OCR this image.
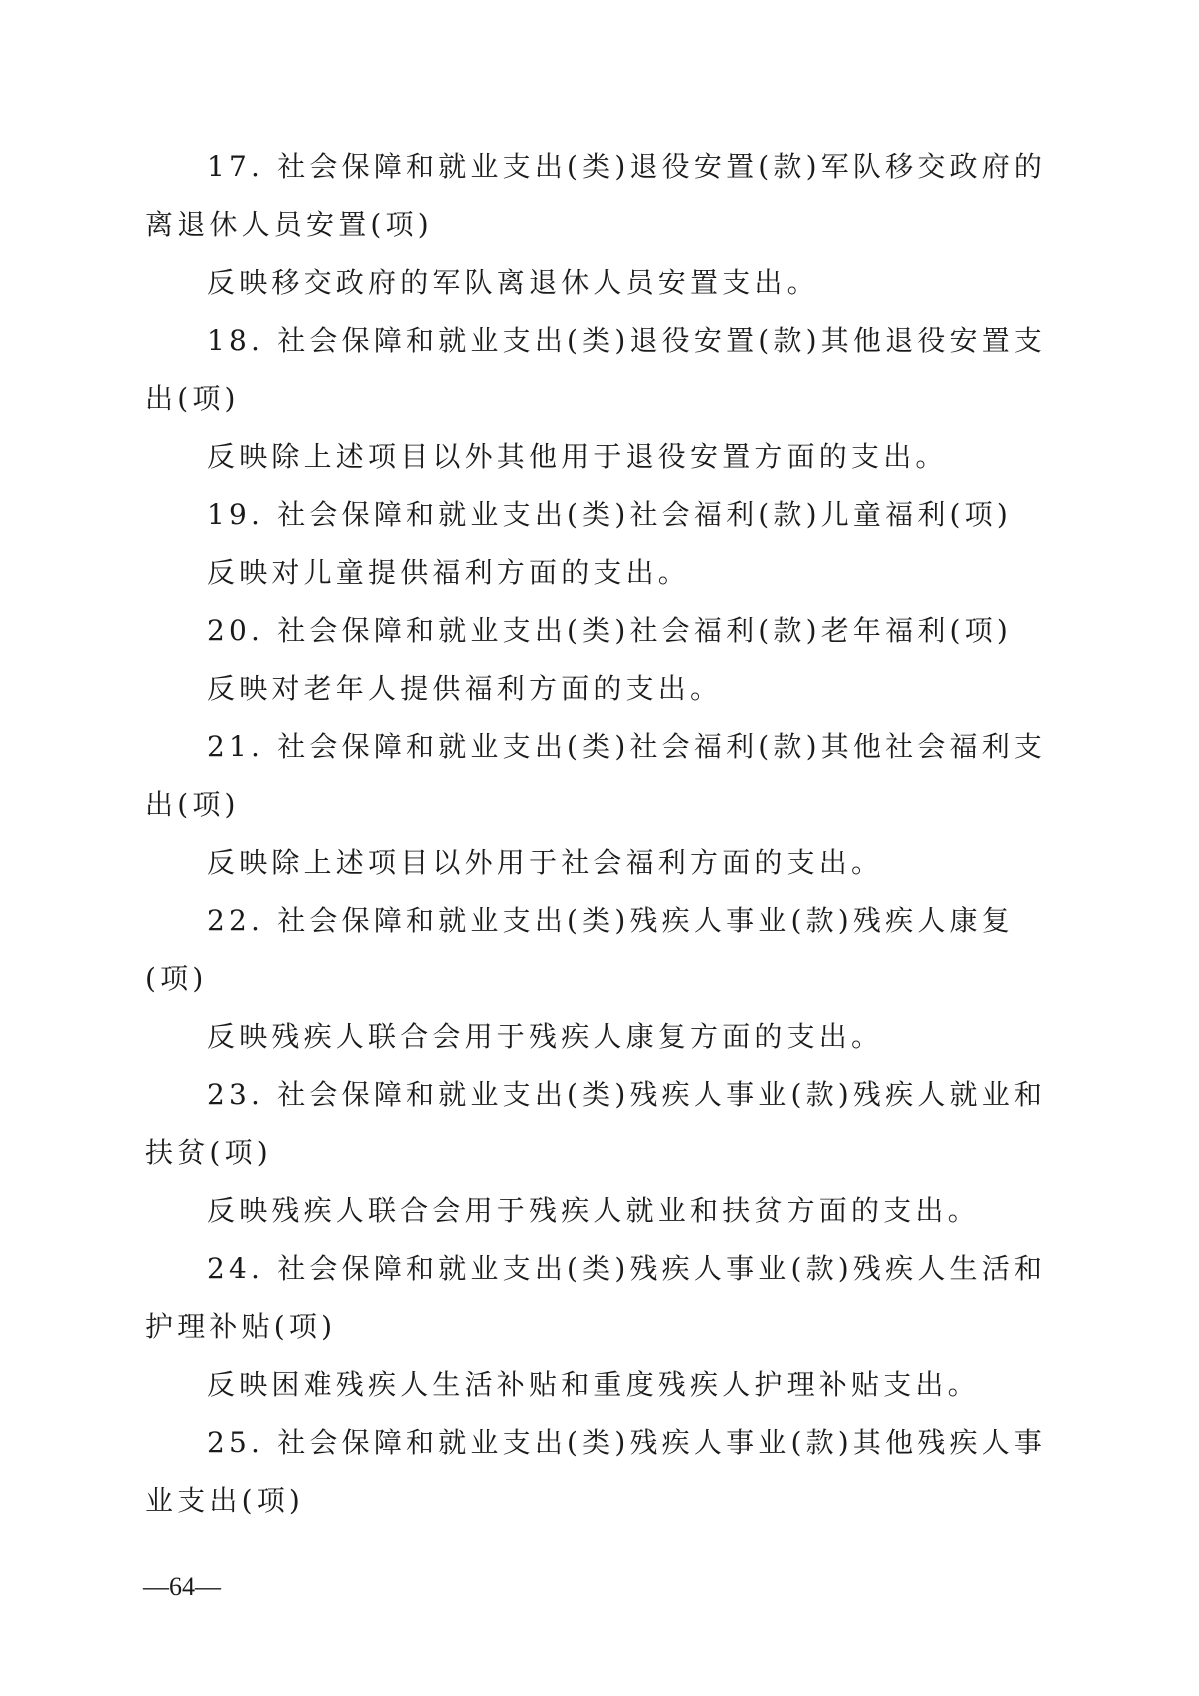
17. 社会保障和就业支出(类)退役安置(款)军队移交政府的
离退休人员安置(项)
反映移交政府的军队离退休人员安置支出。
18. 社会保障和就业支出(类)退役安置(款)其他退役安置支
出(项)
反映除上述项目以外其他用于退役安置方面的支出。
19. 社会保障和就业支出(类)社会福利(款)儿童福利(项)
反映对儿童提供福利方面的支出。
20. 社会保障和就业支出(类)社会福利(款)老年福利(项)
反映对老年人提供福利方面的支出。
21. 社会保障和就业支出(类)社会福利(款)其他社会福利支
出(项)
反映除上述项目以外用于社会福利方面的支出。
22. 社会保障和就业支出(类)残疾人事业(款)残疾人康复
(项)
反映残疾人联合会用于残疾人康复方面的支出。
23. 社会保障和就业支出(类)残疾人事业(款)残疾人就业和
扶贫(项)
反映残疾人联合会用于残疾人就业和扶贫方面的支出。
24. 社会保障和就业支出(类)残疾人事业(款)残疾人生活和
护理补贴(项)
反映困难残疾人生活补贴和重度残疾人护理补贴支出。
25. 社会保障和就业支出(类)残疾人事业(款)其他残疾人事
业支出(项)
—64—
